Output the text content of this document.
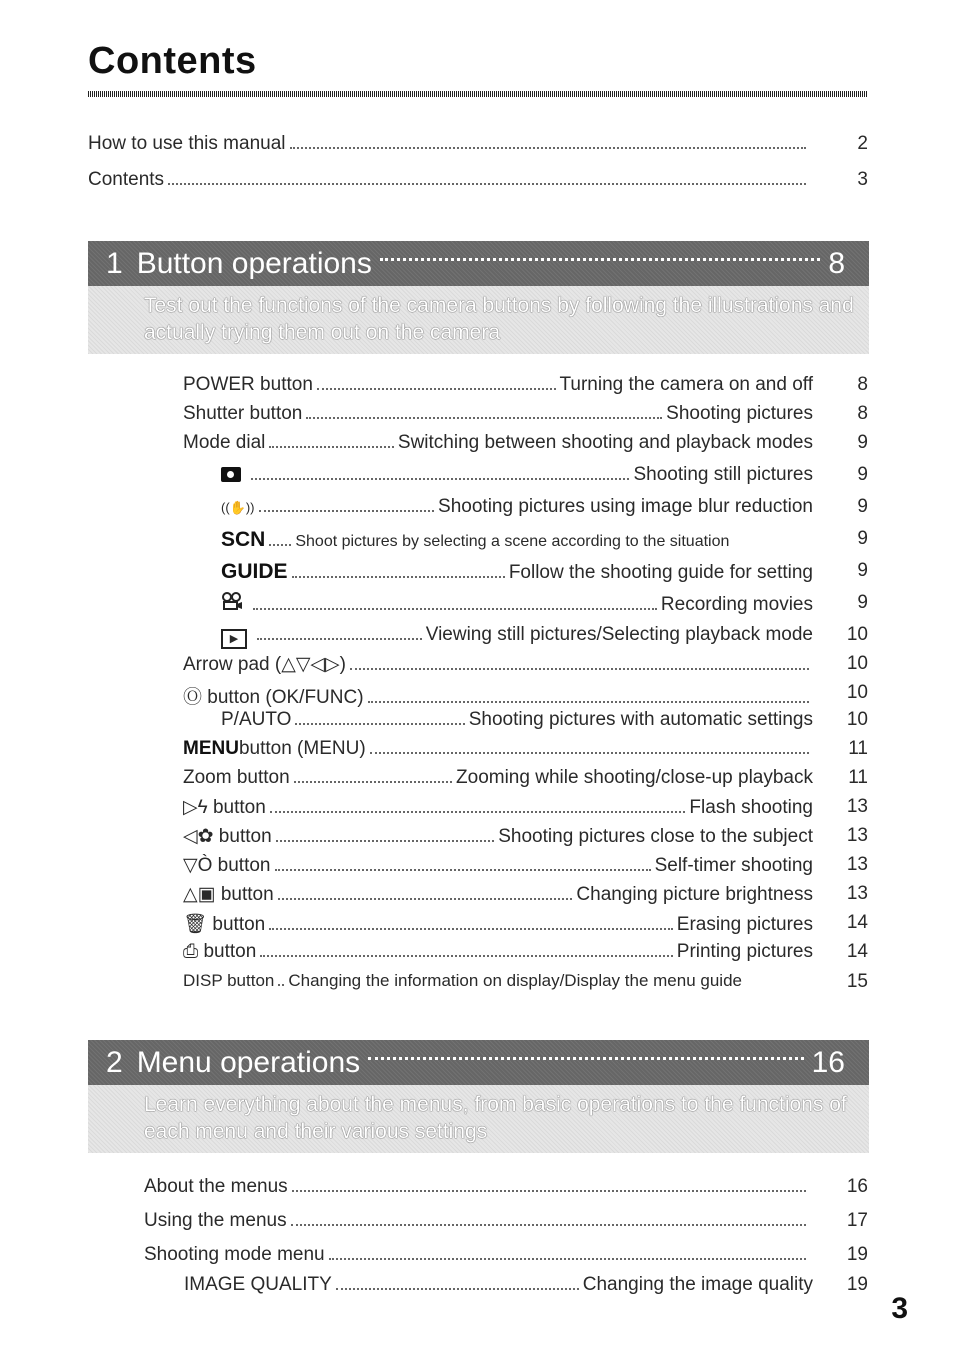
Contents
How to use this manual	2
Contents	3
1 Button operations	8
Test out the functions of the camera buttons by following the illustrations and actually trying them out on the camera
POWER button	Turning the camera on and off	8
Shutter button	Shooting pictures	8
Mode dial	Switching between shooting and playback modes	9
Shooting still pictures	9
((✋))	Shooting pictures using image blur reduction	9
SCN Shoot pictures by selecting a scene according to the situation	9
GUIDE	Follow the shooting guide for setting	9
Recording movies	9
▶	Viewing still pictures/Selecting playback mode	10
Arrow pad (△▽◁▷)	10
Ⓞ button (OK/FUNC)	10
P/AUTO	Shooting pictures with automatic settings	10
MENU button (MENU)	11
Zoom button	Zooming while shooting/close-up playback	11
▷ϟ button	Flash shooting	13
◁✿ button	Shooting pictures close to the subject	13
▽Ò button	Self-timer shooting	13
△▣ button	Changing picture brightness	13
🗑 button	Erasing pictures	14
⎙ button	Printing pictures	14
DISP button Changing the information on display/Display the menu guide	15
2 Menu operations	16
Learn everything about the menus, from basic operations to the functions of each menu and their various settings
About the menus	16
Using the menus	17
Shooting mode menu	19
IMAGE QUALITY	Changing the image quality	19
3
